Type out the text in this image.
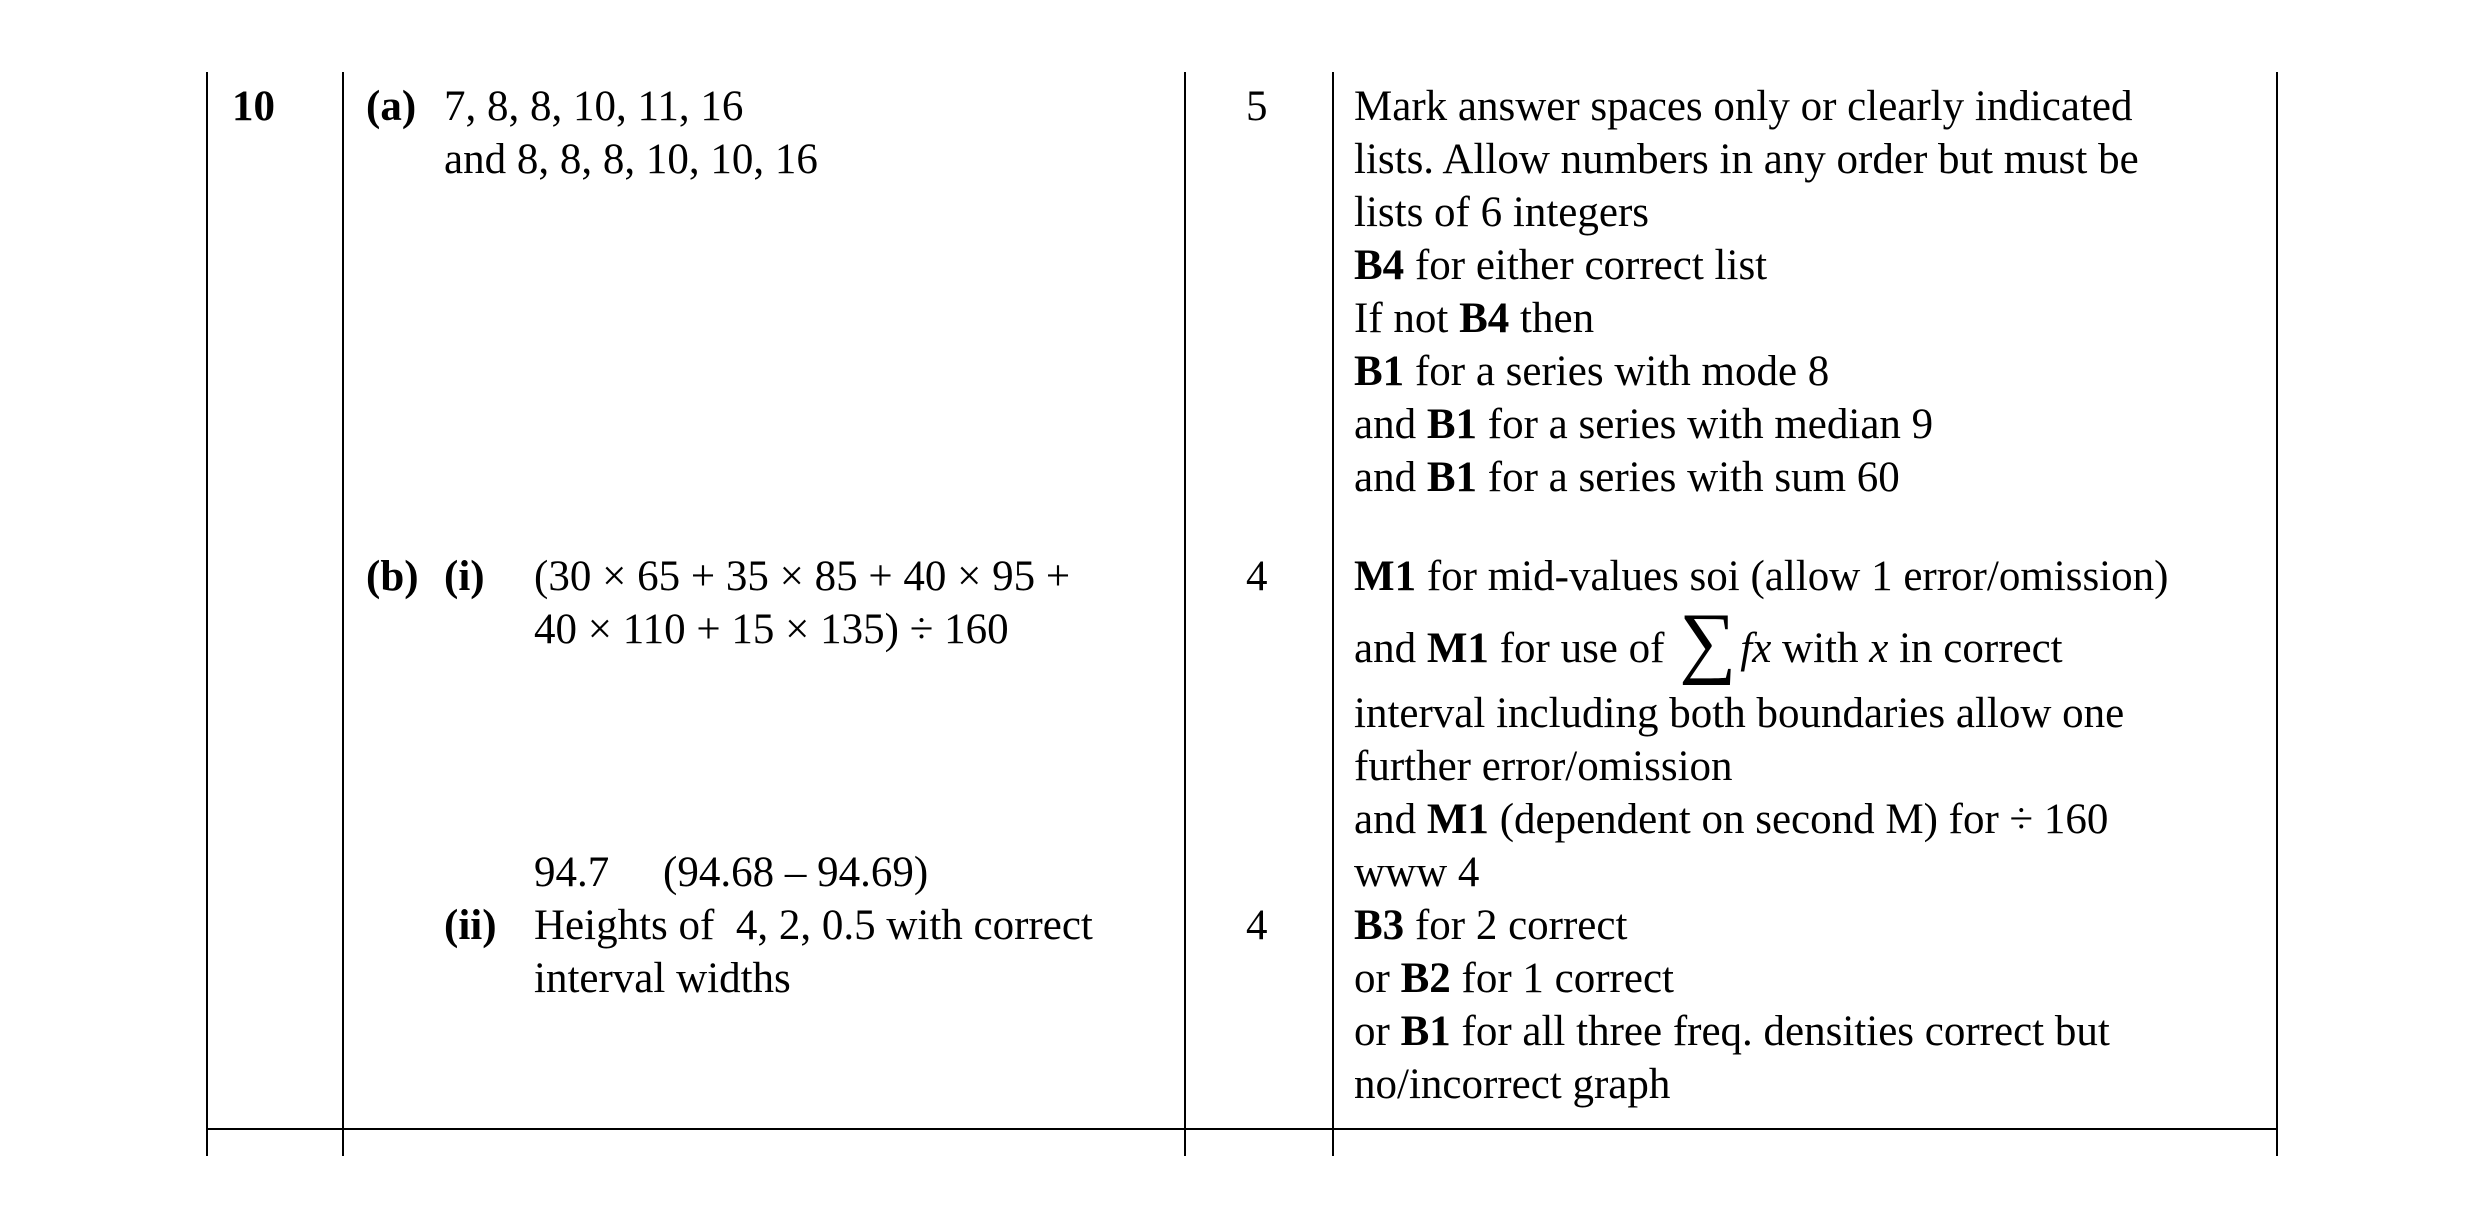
10 (a) 7, 8, 8, 10, 11, 16
and 8, 8, 8, 10, 10, 16
5 Mark answer spaces only or clearly indicated
lists. Allow numbers in any order but must be
lists of 6 integers
B4 for either correct list
If not B4 then
B1 for a series with mode 8
and B1 for a series with median 9
and B1 for a series with sum 60
(b) (i) (30 × 65 + 35 × 85 + 40 × 95 +
40 × 110 + 15 × 135) ÷ 160
94.7     (94.68 – 94.69)
4 M1 for mid-values soi (allow 1 error/omission)
and M1 for use of ∑fx with x in correct
interval including both boundaries allow one
further error/omission
and M1 (dependent on second M) for ÷ 160
www 4
(ii) Heights of  4, 2, 0.5 with correct
interval widths
4 B3 for 2 correct
or B2 for 1 correct
or B1 for all three freq. densities correct but
no/incorrect graph
